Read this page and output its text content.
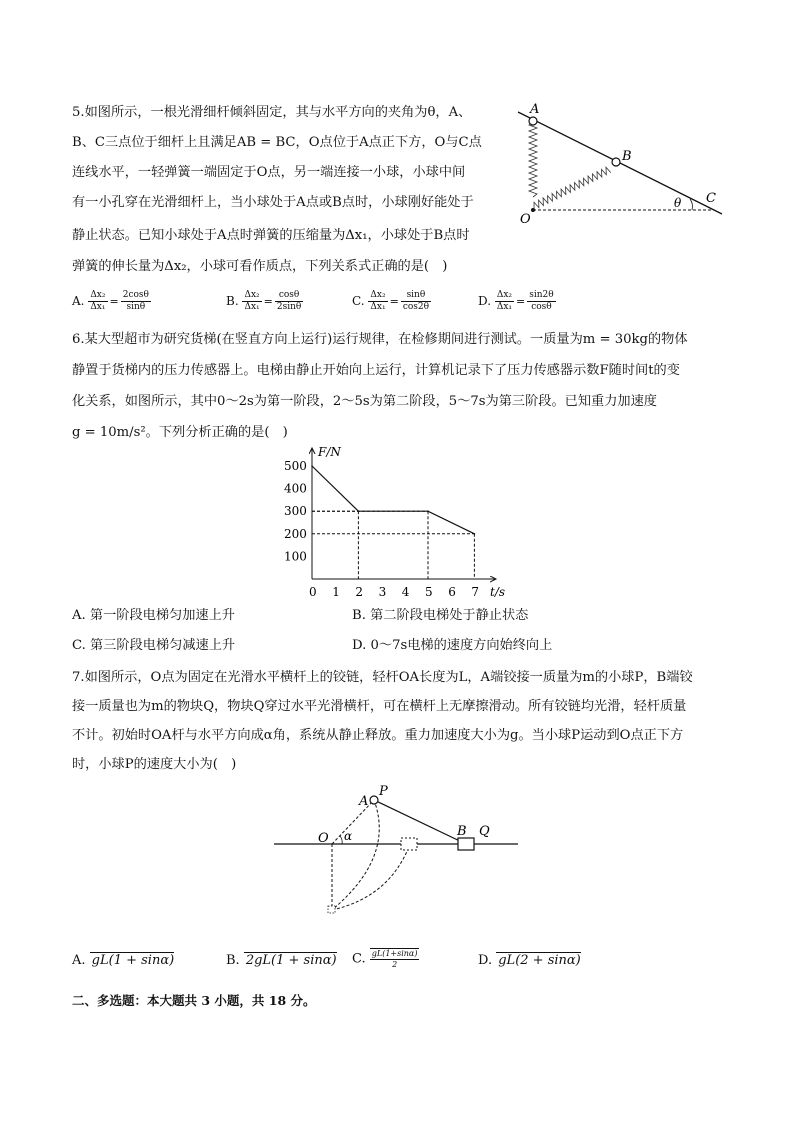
5.如图所示，一根光滑细杆倾斜固定，其与水平方向的夹角为θ，A、
B、C三点位于细杆上且满足AB = BC，O点位于A点正下方，O与C点
连线水平，一轻弹簧一端固定于O点，另一端连接一小球，小球中间
有一小孔穿在光滑细杆上，当小球处于A点或B点时，小球刚好能处于
静止状态。已知小球处于A点时弹簧的压缩量为Δx₁，小球处于B点时
弹簧的伸长量为Δx₂，小球可看作质点，下列关系式正确的是(　)
A
B
C
O
θ
A. $\frac{\text{Δx₂}}{\text{Δx₁}} = \frac{2\cos\theta}{\sin\theta}$	B. $\frac{\text{Δx₂}}{\text{Δx₁}} = \frac{\cos\theta}{2\sin\theta}$	C. $\frac{\text{Δx₂}}{\text{Δx₁}} = \frac{\sin\theta}{\cos 2\theta}$	D. $\frac{\text{Δx₂}}{\text{Δx₁}} = \frac{\sin 2\theta}{\cos\theta}$
6.某大型超市为研究货梯(在竖直方向上运行)运行规律，在检修期间进行测试。一质量为m = 30kg的物体
静置于货梯内的压力传感器上。电梯由静止开始向上运行，计算机记录下了压力传感器示数F随时间t的变
化关系，如图所示，其中0～2s为第一阶段，2～5s为第二阶段，5～7s为第三阶段。已知重力加速度
g = 10m/s²。下列分析正确的是(　)
F/N
t/s
0 1 2 3 4 5 6 7
100
200
300
400
500
A. 第一阶段电梯匀加速上升	B. 第二阶段电梯处于静止状态
C. 第三阶段电梯匀减速上升	D. 0～7s电梯的速度方向始终向上
7.如图所示，O点为固定在光滑水平横杆上的铰链，轻杆OA长度为L，A端铰接一质量为m的小球P，B端铰
接一质量也为m的物块Q，物块Q穿过水平光滑横杆，可在横杆上无摩擦滑动。所有铰链均光滑，轻杆质量
不计。初始时OA杆与水平方向成α角，系统从静止释放。重力加速度大小为g。当小球P运动到O点正下方
时，小球P的速度大小为(　)
A
P
O α	B Q
A. gL(1 + sinα)	B. 2gL(1 + sinα) C. $\frac{gL(1+\sin\alpha)}{2}$	D. gL(2 + sinα)
二、多选题：本大题共 3 小题，共 18 分。
